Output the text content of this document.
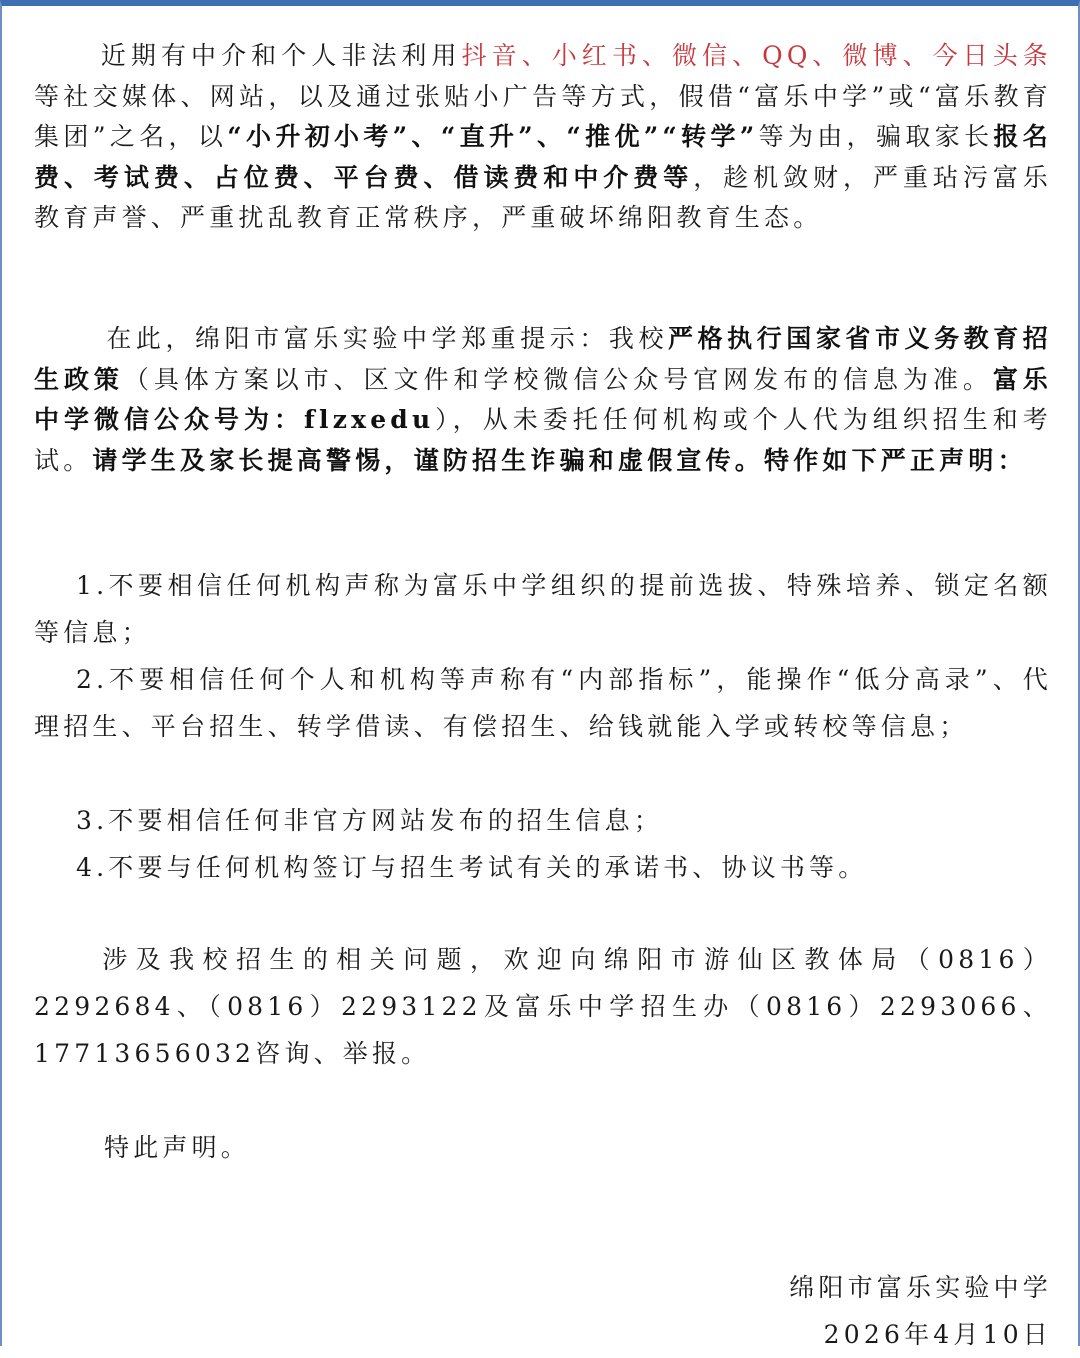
近期有中介和个人非法利用抖音、小红书、微信、QQ、微博、今日头条等社交媒体、网站，以及通过张贴小广告等方式，假借“富乐中学”或“富乐教育集团”之名，以“小升初小考”、“直升”、“推优”“转学”等为由，骗取家长报名费、考试费、占位费、平台费、借读费和中介费等，趁机敛财，严重玷污富乐教育声誉、严重扰乱教育正常秩序，严重破坏绵阳教育生态。

在此，绵阳市富乐实验中学郑重提示：我校严格执行国家省市义务教育招生政策（具体方案以市、区文件和学校微信公众号官网发布的信息为准。富乐中学微信公众号为：flzxedu），从未委托任何机构或个人代为组织招生和考试。请学生及家长提高警惕，谨防招生诈骗和虚假宣传。特作如下严正声明：

1.不要相信任何机构声称为富乐中学组织的提前选拔、特殊培养、锁定名额等信息；

2.不要相信任何个人和机构等声称有“内部指标”，能操作“低分高录”、代理招生、平台招生、转学借读、有偿招生、给钱就能入学或转校等信息；

3.不要相信任何非官方网站发布的招生信息；

4.不要与任何机构签订与招生考试有关的承诺书、协议书等。

涉及我校招生的相关问题，欢迎向绵阳市游仙区教体局（0816）2292684、（0816）2293122及富乐中学招生办（0816）2293066、17713656032咨询、举报。

特此声明。

绵阳市富乐实验中学

2026年4月10日
